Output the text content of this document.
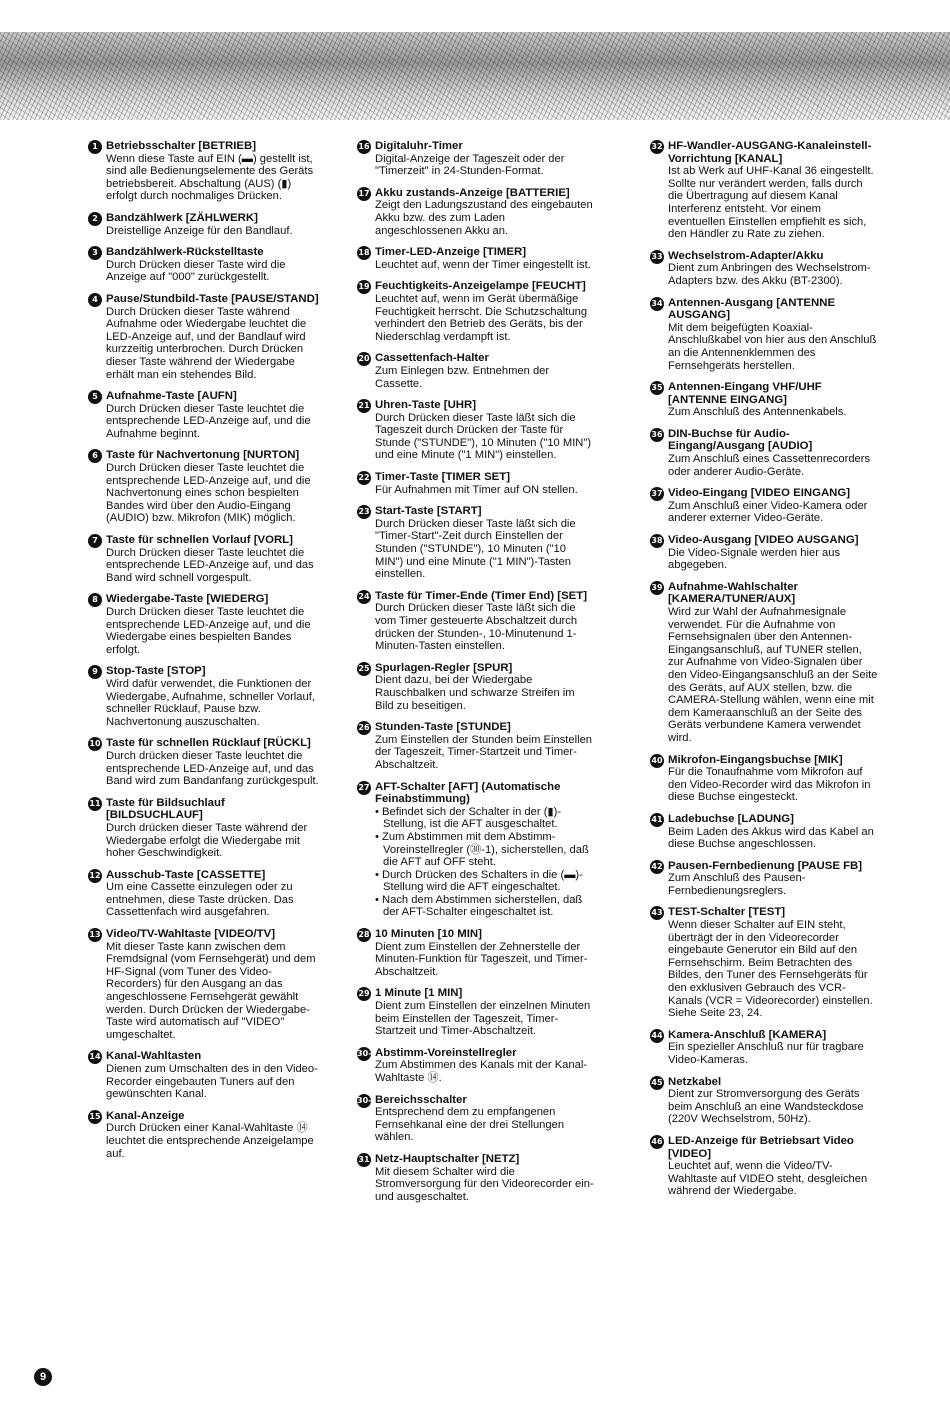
1 Betriebsschalter [BETRIEB]
Wenn diese Taste auf EIN (▬) gestellt ist, sind alle Bedienungselemente des Geräts betriebsbereit. Abschaltung (AUS) (▮) erfolgt durch nochmaliges Drücken.
2 Bandzählwerk [ZÄHLWERK]
Dreistellige Anzeige für den Bandlauf.
3 Bandzählwerk-Rückstelltaste
Durch Drücken dieser Taste wird die Anzeige auf "000" zurückgestellt.
4 Pause/Stundbild-Taste [PAUSE/STAND]
Durch Drücken dieser Taste während Aufnahme oder Wiedergabe leuchtet die LED-Anzeige auf, und der Bandlauf wird kurzzeitig unterbrochen. Durch Drücken dieser Taste während der Wiedergabe erhält man ein stehendes Bild.
5 Aufnahme-Taste [AUFN]
Durch Drücken dieser Taste leuchtet die entsprechende LED-Anzeige auf, und die Aufnahme beginnt.
6 Taste für Nachvertonung [NURTON]
Durch Drücken dieser Taste leuchtet die entsprechende LED-Anzeige auf, und die Nachvertonung eines schon bespielten Bandes wird über den Audio-Eingang (AUDIO) bzw. Mikrofon (MIK) möglich.
7 Taste für schnellen Vorlauf [VORL]
Durch Drücken dieser Taste leuchtet die entsprechende LED-Anzeige auf, und das Band wird schnell vorgespult.
8 Wiedergabe-Taste [WIEDERG]
Durch Drücken dieser Taste leuchtet die entsprechende LED-Anzeige auf, und die Wiedergabe eines bespielten Bandes erfolgt.
9 Stop-Taste [STOP]
Wird dafür verwendet, die Funktionen der Wiedergabe, Aufnahme, schneller Vorlauf, schneller Rücklauf, Pause bzw. Nachvertonung auszuschalten.
10 Taste für schnellen Rücklauf [RÜCKL]
Durch drücken dieser Taste leuchtet die entsprechende LED-Anzeige auf, und das Band wird zum Bandanfang zurückgespult.
11 Taste für Bildsuchlauf [BILDSUCHLAUF]
Durch drücken dieser Taste während der Wiedergabe erfolgt die Wiedergabe mit hoher Geschwindigkeit.
12 Ausschub-Taste [CASSETTE]
Um eine Cassette einzulegen oder zu entnehmen, diese Taste drücken. Das Cassettenfach wird ausgefahren.
13 Video/TV-Wahltaste [VIDEO/TV]
Mit dieser Taste kann zwischen dem Fremdsignal (vom Fernsehgerät) und dem HF-Signal (vom Tuner des Video-Recorders) für den Ausgang an das angeschlossene Fernsehgerät gewählt werden. Durch Drücken der Wiedergabe-Taste wird automatisch auf "VIDEO" umgeschaltet.
14 Kanal-Wahltasten
Dienen zum Umschalten des in den Video-Recorder eingebauten Tuners auf den gewünschten Kanal.
15 Kanal-Anzeige
Durch Drücken einer Kanal-Wahltaste ⑭ leuchtet die entsprechende Anzeigelampe auf.
16 Digitaluhr-Timer
Digital-Anzeige der Tageszeit oder der "Timerzeit" in 24-Stunden-Format.
17 Akku zustands-Anzeige [BATTERIE]
Zeigt den Ladungszustand des eingebauten Akku bzw. des zum Laden angeschlossenen Akku an.
18 Timer-LED-Anzeige [TIMER]
Leuchtet auf, wenn der Timer eingestellt ist.
19 Feuchtigkeits-Anzeigelampe [FEUCHT]
Leuchtet auf, wenn im Gerät übermäßige Feuchtigkeit herrscht. Die Schutzschaltung verhindert den Betrieb des Geräts, bis der Niederschlag verdampft ist.
20 Cassettenfach-Halter
Zum Einlegen bzw. Entnehmen der Cassette.
21 Uhren-Taste [UHR]
Durch Drücken dieser Taste läßt sich die Tageszeit durch Drücken der Taste für Stunde ("STUNDE"), 10 Minuten ("10 MIN") und eine Minute ("1 MIN") einstellen.
22 Timer-Taste [TIMER SET]
Für Aufnahmen mit Timer auf ON stellen.
23 Start-Taste [START]
Durch Drücken dieser Taste läßt sich die "Timer-Start"-Zeit durch Einstellen der Stunden ("STUNDE"), 10 Minuten ("10 MIN") und eine Minute ("1 MIN")-Tasten einstellen.
24 Taste für Timer-Ende (Timer End) [SET]
Durch Drücken dieser Taste läßt sich die vom Timer gesteuerte Abschaltzeit durch drücken der Stunden-, 10-Minutenund 1-Minuten-Tasten einstellen.
25 Spurlagen-Regler [SPUR]
Dient dazu, bei der Wiedergabe Rauschbalken und schwarze Streifen im Bild zu beseitigen.
26 Stunden-Taste [STUNDE]
Zum Einstellen der Stunden beim Einstellen der Tageszeit, Timer-Startzeit und Timer-Abschaltzeit.
27 AFT-Schalter [AFT] (Automatische Feinabstimmung)
• Befindet sich der Schalter in der (▮)-Stellung, ist die AFT ausgeschaltet.
• Zum Abstimmen mit dem Abstimm-Voreinstellregler (㉚-1), sicherstellen, daß die AFT auf OFF steht.
• Durch Drücken des Schalters in die (▬)-Stellung wird die AFT eingeschaltet.
• Nach dem Abstimmen sicherstellen, daß der AFT-Schalter eingeschaltet ist.
28 10 Minuten [10 MIN]
Dient zum Einstellen der Zehnerstelle der Minuten-Funktion für Tageszeit, und Timer-Abschaltzeit.
29 1 Minute [1 MIN]
Dient zum Einstellen der einzelnen Minuten beim Einstellen der Tageszeit, Timer-Startzeit und Timer-Abschaltzeit.
30-1
Abstimm-Voreinstellregler
Zum Abstimmen des Kanals mit der Kanal-Wahltaste ⑭.
30-2
Bereichsschalter
Entsprechend dem zu empfangenen Fernsehkanal eine der drei Stellungen wählen.
31 Netz-Hauptschalter [NETZ]
Mit diesem Schalter wird die Stromversorgung für den Videorecorder ein- und ausgeschaltet.
32 HF-Wandler-AUSGANG-Kanaleinstell-Vorrichtung [KANAL]
Ist ab Werk auf UHF-Kanal 36 eingestellt. Sollte nur verändert werden, falls durch die Übertragung auf diesem Kanal Interferenz entsteht. Vor einem eventuellen Einstellen empfiehlt es sich, den Händler zu Rate zu ziehen.
33 Wechselstrom-Adapter/Akku
Dient zum Anbringen des Wechselstrom-Adapters bzw. des Akku (BT-2300).
34 Antennen-Ausgang [ANTENNE AUSGANG]
Mit dem beigefügten Koaxial-Anschlußkabel von hier aus den Anschluß an die Antennenklemmen des Fernsehgeräts herstellen.
35 Antennen-Eingang VHF/UHF [ANTENNE EINGANG]
Zum Anschluß des Antennenkabels.
36 DIN-Buchse für Audio-Eingang/Ausgang [AUDIO]
Zum Anschluß eines Cassettenrecorders oder anderer Audio-Geräte.
37 Video-Eingang [VIDEO EINGANG]
Zum Anschluß einer Video-Kamera oder anderer externer Video-Geräte.
38 Video-Ausgang [VIDEO AUSGANG]
Die Video-Signale werden hier aus abgegeben.
39 Aufnahme-Wahlschalter [KAMERA/TUNER/AUX]
Wird zur Wahl der Aufnahmesignale verwendet. Für die Aufnahme von Fernsehsignalen über den Antennen-Eingangsanschluß, auf TUNER stellen, zur Aufnahme von Video-Signalen über den Video-Eingangsanschluß an der Seite des Geräts, auf AUX stellen, bzw. die CAMERA-Stellung wählen, wenn eine mit dem Kameraanschluß an der Seite des Geräts verbundene Kamera verwendet wird.
40 Mikrofon-Eingangsbuchse [MIK]
Für die Tonaufnahme vom Mikrofon auf den Video-Recorder wird das Mikrofon in diese Buchse eingesteckt.
41 Ladebuchse [LADUNG]
Beim Laden des Akkus wird das Kabel an diese Buchse angeschlossen.
42 Pausen-Fernbedienung [PAUSE FB]
Zum Anschluß des Pausen-Fernbedienungsreglers.
43 TEST-Schalter [TEST]
Wenn dieser Schalter auf EIN steht, überträgt der in den Videorecorder eingebaute Generutor ein Bild auf den Fernsehschirm. Beim Betrachten des Bildes, den Tuner des Fernsehgeräts für den exklusiven Gebrauch des VCR-Kanals (VCR = Videorecorder) einstellen. Siehe Seite 23, 24.
44 Kamera-Anschluß [KAMERA]
Ein spezieller Anschluß nur für tragbare Video-Kameras.
45 Netzkabel
Dient zur Stromversorgung des Geräts beim Anschluß an eine Wandsteckdose (220V Wechselstrom, 50Hz).
46 LED-Anzeige für Betriebsart Video [VIDEO]
Leuchtet auf, wenn die Video/TV-Wahltaste auf VIDEO steht, desgleichen während der Wiedergabe.
9
